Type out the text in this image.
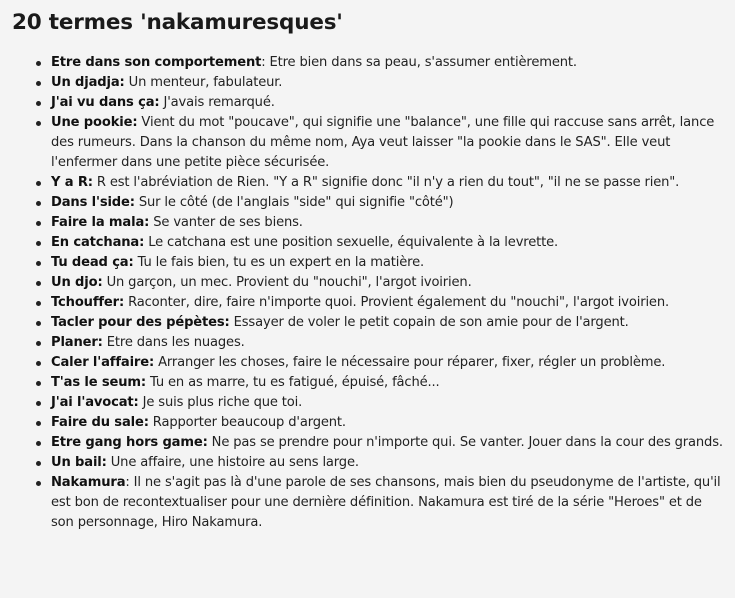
20 termes 'nakamuresques'
Etre dans son comportement: Etre bien dans sa peau, s'assumer entièrement.
Un djadja: Un menteur, fabulateur.
J'ai vu dans ça: J'avais remarqué.
Une pookie: Vient du mot "poucave", qui signifie une "balance", une fille qui raccuse sans arrêt, lance des rumeurs. Dans la chanson du même nom, Aya veut laisser "la pookie dans le SAS". Elle veut l'enfermer dans une petite pièce sécurisée.
Y a R: R est l'abréviation de Rien. "Y a R" signifie donc "il n'y a rien du tout", "il ne se passe rien".
Dans l'side: Sur le côté (de l'anglais "side" qui signifie "côté")
Faire la mala: Se vanter de ses biens.
En catchana: Le catchana est une position sexuelle, équivalente à la levrette.
Tu dead ça: Tu le fais bien, tu es un expert en la matière.
Un djo: Un garçon, un mec. Provient du "nouchi", l'argot ivoirien.
Tchouffer: Raconter, dire, faire n'importe quoi. Provient également du "nouchi", l'argot ivoirien.
Tacler pour des pépètes: Essayer de voler le petit copain de son amie pour de l'argent.
Planer: Etre dans les nuages.
Caler l'affaire: Arranger les choses, faire le nécessaire pour réparer, fixer, régler un problème.
T'as le seum: Tu en as marre, tu es fatigué, épuisé, fâché...
J'ai l'avocat: Je suis plus riche que toi.
Faire du sale: Rapporter beaucoup d'argent.
Etre gang hors game: Ne pas se prendre pour n'importe qui. Se vanter. Jouer dans la cour des grands.
Un bail: Une affaire, une histoire au sens large.
Nakamura: Il ne s'agit pas là d'une parole de ses chansons, mais bien du pseudonyme de l'artiste, qu'il est bon de recontextualiser pour une dernière définition. Nakamura est tiré de la série "Heroes" et de son personnage, Hiro Nakamura.
